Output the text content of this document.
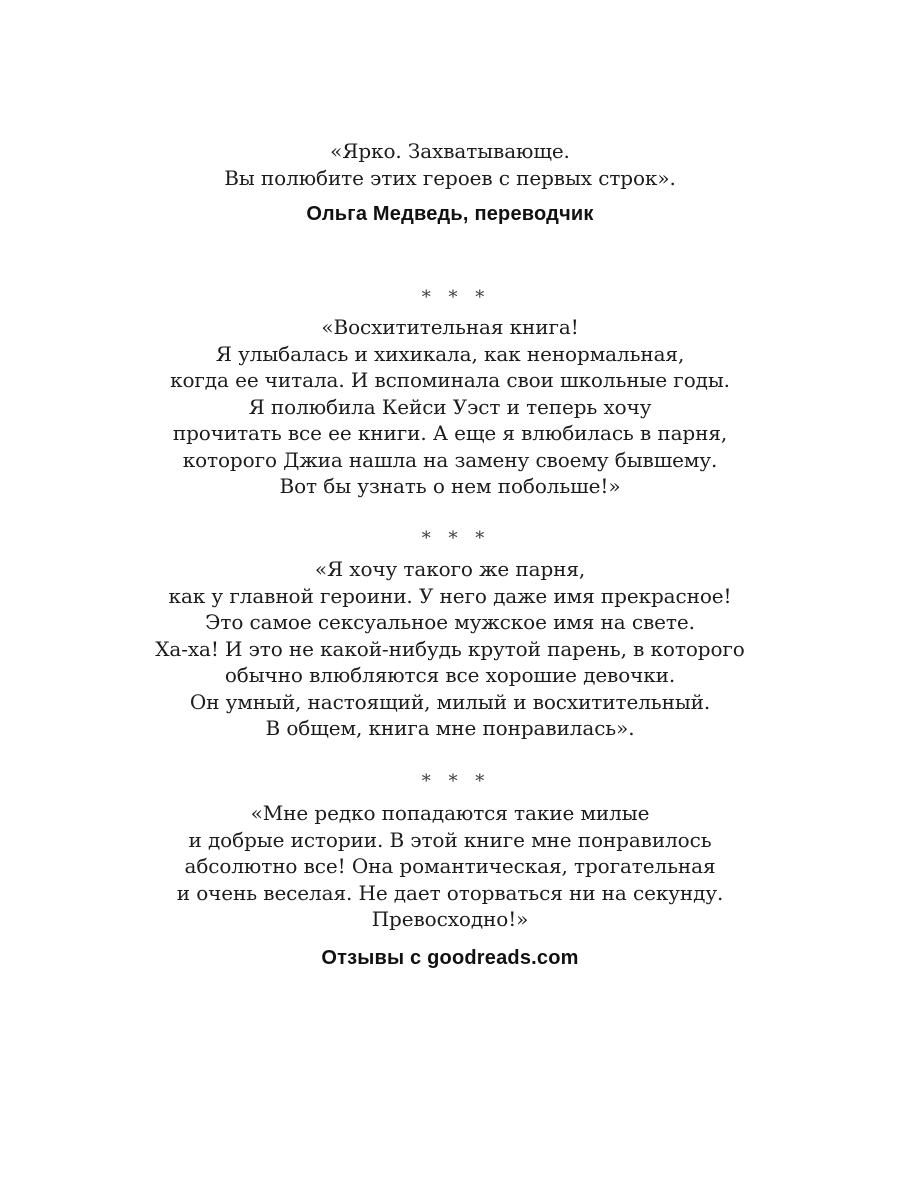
«Ярко. Захватывающе.
Вы полюбите этих героев с первых строк».
Ольга Медведь, переводчик
* * *
«Восхитительная книга!
Я улыбалась и хихикала, как ненормальная,
когда ее читала. И вспоминала свои школьные годы.
Я полюбила Кейси Уэст и теперь хочу
прочитать все ее книги. А еще я влюбилась в парня,
которого Джиа нашла на замену своему бывшему.
Вот бы узнать о нем побольше!»
* * *
«Я хочу такого же парня,
как у главной героини. У него даже имя прекрасное!
Это самое сексуальное мужское имя на свете.
Ха-ха! И это не какой-нибудь крутой парень, в которого
обычно влюбляются все хорошие девочки.
Он умный, настоящий, милый и восхитительный.
В общем, книга мне понравилась».
* * *
«Мне редко попадаются такие милые
и добрые истории. В этой книге мне понравилось
абсолютно все! Она романтическая, трогательная
и очень веселая. Не дает оторваться ни на секунду.
Превосходно!»
Отзывы с goodreads.com
